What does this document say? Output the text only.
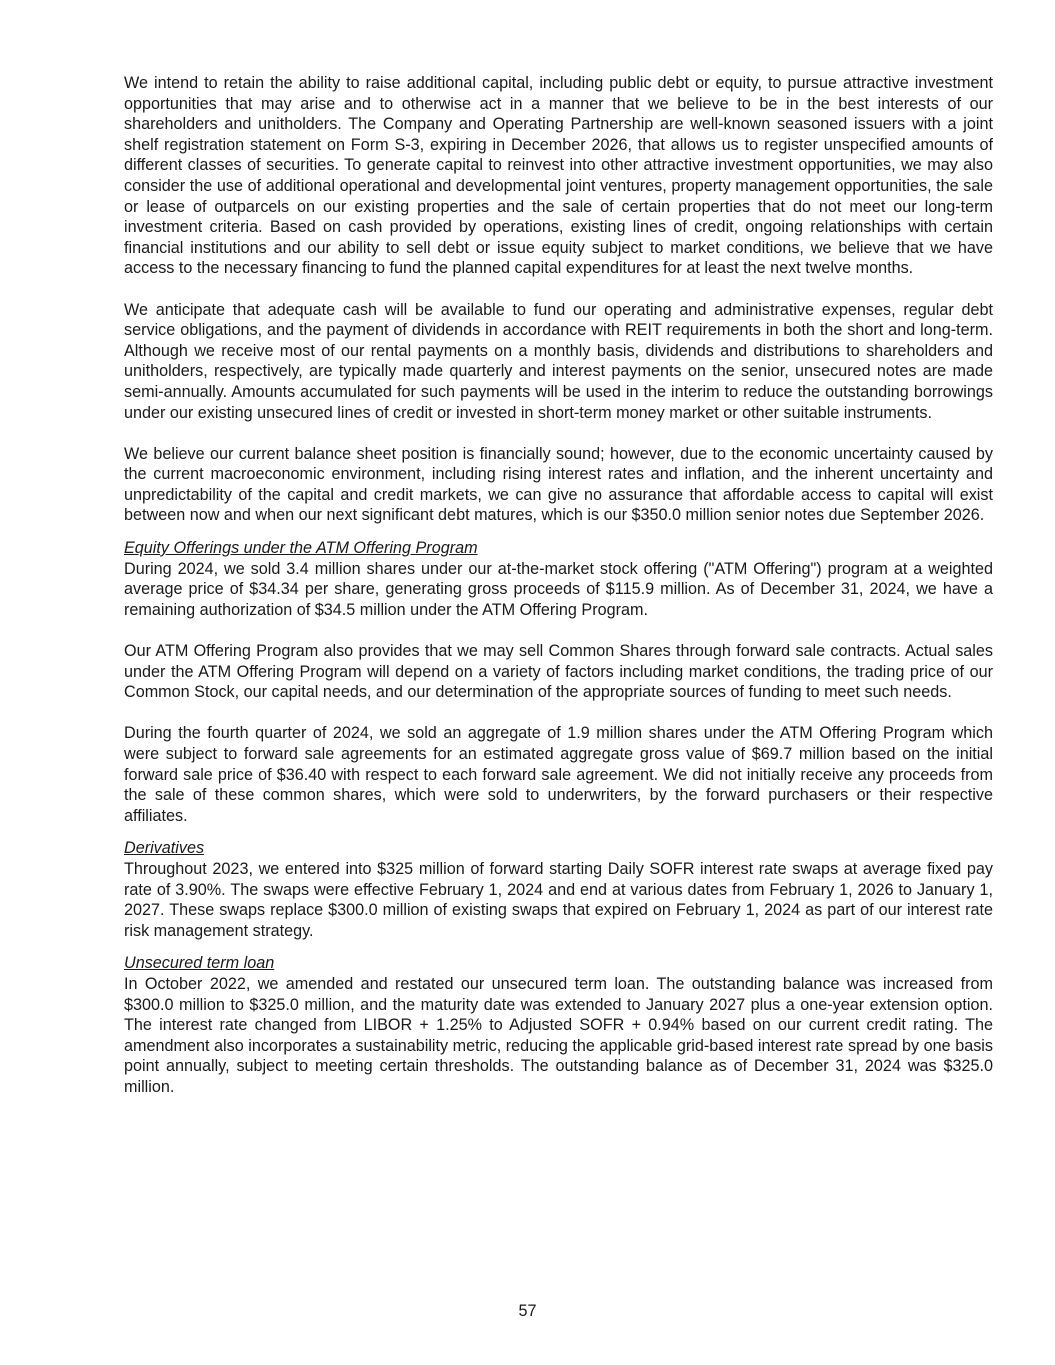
We intend to retain the ability to raise additional capital, including public debt or equity, to pursue attractive investment opportunities that may arise and to otherwise act in a manner that we believe to be in the best interests of our shareholders and unitholders. The Company and Operating Partnership are well-known seasoned issuers with a joint shelf registration statement on Form S-3, expiring in December 2026, that allows us to register unspecified amounts of different classes of securities. To generate capital to reinvest into other attractive investment opportunities, we may also consider the use of additional operational and developmental joint ventures, property management opportunities, the sale or lease of outparcels on our existing properties and the sale of certain properties that do not meet our long-term investment criteria. Based on cash provided by operations, existing lines of credit, ongoing relationships with certain financial institutions and our ability to sell debt or issue equity subject to market conditions, we believe that we have access to the necessary financing to fund the planned capital expenditures for at least the next twelve months.

We anticipate that adequate cash will be available to fund our operating and administrative expenses, regular debt service obligations, and the payment of dividends in accordance with REIT requirements in both the short and long-term. Although we receive most of our rental payments on a monthly basis, dividends and distributions to shareholders and unitholders, respectively, are typically made quarterly and interest payments on the senior, unsecured notes are made semi-annually. Amounts accumulated for such payments will be used in the interim to reduce the outstanding borrowings under our existing unsecured lines of credit or invested in short-term money market or other suitable instruments.

We believe our current balance sheet position is financially sound; however, due to the economic uncertainty caused by the current macroeconomic environment, including rising interest rates and inflation, and the inherent uncertainty and unpredictability of the capital and credit markets, we can give no assurance that affordable access to capital will exist between now and when our next significant debt matures, which is our $350.0 million senior notes due September 2026.

Equity Offerings under the ATM Offering Program

During 2024, we sold 3.4 million shares under our at-the-market stock offering ("ATM Offering") program at a weighted average price of $34.34 per share, generating gross proceeds of $115.9 million. As of December 31, 2024, we have a remaining authorization of $34.5 million under the ATM Offering Program.

Our ATM Offering Program also provides that we may sell Common Shares through forward sale contracts. Actual sales under the ATM Offering Program will depend on a variety of factors including market conditions, the trading price of our Common Stock, our capital needs, and our determination of the appropriate sources of funding to meet such needs.

During the fourth quarter of 2024, we sold an aggregate of 1.9 million shares under the ATM Offering Program which were subject to forward sale agreements for an estimated aggregate gross value of $69.7 million based on the initial forward sale price of $36.40 with respect to each forward sale agreement. We did not initially receive any proceeds from the sale of these common shares, which were sold to underwriters, by the forward purchasers or their respective affiliates.

Derivatives

Throughout 2023, we entered into $325 million of forward starting Daily SOFR interest rate swaps at average fixed pay rate of 3.90%. The swaps were effective February 1, 2024 and end at various dates from February 1, 2026 to January 1, 2027. These swaps replace $300.0 million of existing swaps that expired on February 1, 2024 as part of our interest rate risk management strategy.

Unsecured term loan

In October 2022, we amended and restated our unsecured term loan. The outstanding balance was increased from $300.0 million to $325.0 million, and the maturity date was extended to January 2027 plus a one-year extension option. The interest rate changed from LIBOR + 1.25% to Adjusted SOFR + 0.94% based on our current credit rating. The amendment also incorporates a sustainability metric, reducing the applicable grid-based interest rate spread by one basis point annually, subject to meeting certain thresholds. The outstanding balance as of December 31, 2024 was $325.0 million.

57
